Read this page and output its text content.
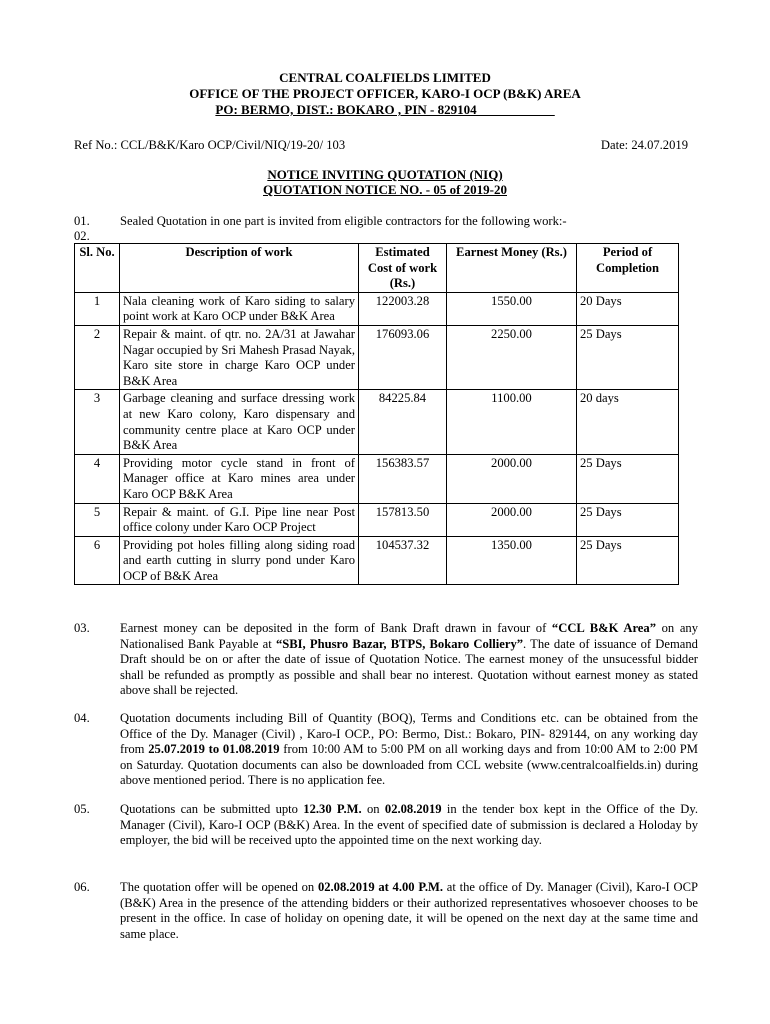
CENTRAL COALFIELDS LIMITED
OFFICE OF THE PROJECT OFFICER, KARO-I OCP (B&K) AREA
PO: BERMO, DIST.: BOKARO , PIN - 829104____________
Ref No.: CCL/B&K/Karo OCP/Civil/NIQ/19-20/ 103	Date: 24.07.2019
NOTICE INVITING QUOTATION (NIQ)
QUOTATION NOTICE NO. - 05 of 2019-20
01. Sealed Quotation in one part is invited from eligible contractors for the following work:-
02.
Sl. No.	Description of work	Estimated Cost of work (Rs.)	Earnest Money (Rs.)	Period of Completion
1	Nala cleaning work of Karo siding to salary point work at Karo OCP under B&K Area	122003.28	1550.00	20 Days
2	Repair & maint. of qtr. no. 2A/31 at Jawahar Nagar occupied by Sri Mahesh Prasad Nayak, Karo site store in charge Karo OCP under B&K Area	176093.06	2250.00	25 Days
3	Garbage cleaning and surface dressing work at new Karo colony, Karo dispensary and community centre place at Karo OCP under B&K Area	84225.84	1100.00	20 days
4	Providing motor cycle stand in front of Manager office at Karo mines area under Karo OCP B&K Area	156383.57	2000.00	25 Days
5	Repair & maint. of G.I. Pipe line near Post office colony under Karo OCP Project	157813.50	2000.00	25 Days
6	Providing pot holes filling along siding road and earth cutting in slurry pond under Karo OCP of B&K Area	104537.32	1350.00	25 Days
03. Earnest money can be deposited in the form of Bank Draft drawn in favour of “CCL B&K Area” on any Nationalised Bank Payable at “SBI, Phusro Bazar, BTPS, Bokaro Colliery”. The date of issuance of Demand Draft should be on or after the date of issue of Quotation Notice. The earnest money of the unsucessful bidder shall be refunded as promptly as possible and shall bear no interest. Quotation without earnest money as stated above shall be rejected.
04. Quotation documents including Bill of Quantity (BOQ), Terms and Conditions etc. can be obtained from the Office of the Dy. Manager (Civil) , Karo-I OCP., PO: Bermo, Dist.: Bokaro, PIN- 829144, on any working day from 25.07.2019 to 01.08.2019 from 10:00 AM to 5:00 PM on all working days and from 10:00 AM to 2:00 PM on Saturday. Quotation documents can also be downloaded from CCL website (www.centralcoalfields.in) during above mentioned period. There is no application fee.
05. Quotations can be submitted upto 12.30 P.M. on 02.08.2019 in the tender box kept in the Office of the Dy. Manager (Civil), Karo-I OCP (B&K) Area. In the event of specified date of submission is declared a Holoday by employer, the bid will be received upto the appointed time on the next working day.
06. The quotation offer will be opened on 02.08.2019 at 4.00 P.M. at the office of Dy. Manager (Civil), Karo-I OCP (B&K) Area in the presence of the attending bidders or their authorized representatives whosoever chooses to be present in the office. In case of holiday on opening date, it will be opened on the next day at the same time and same place.
